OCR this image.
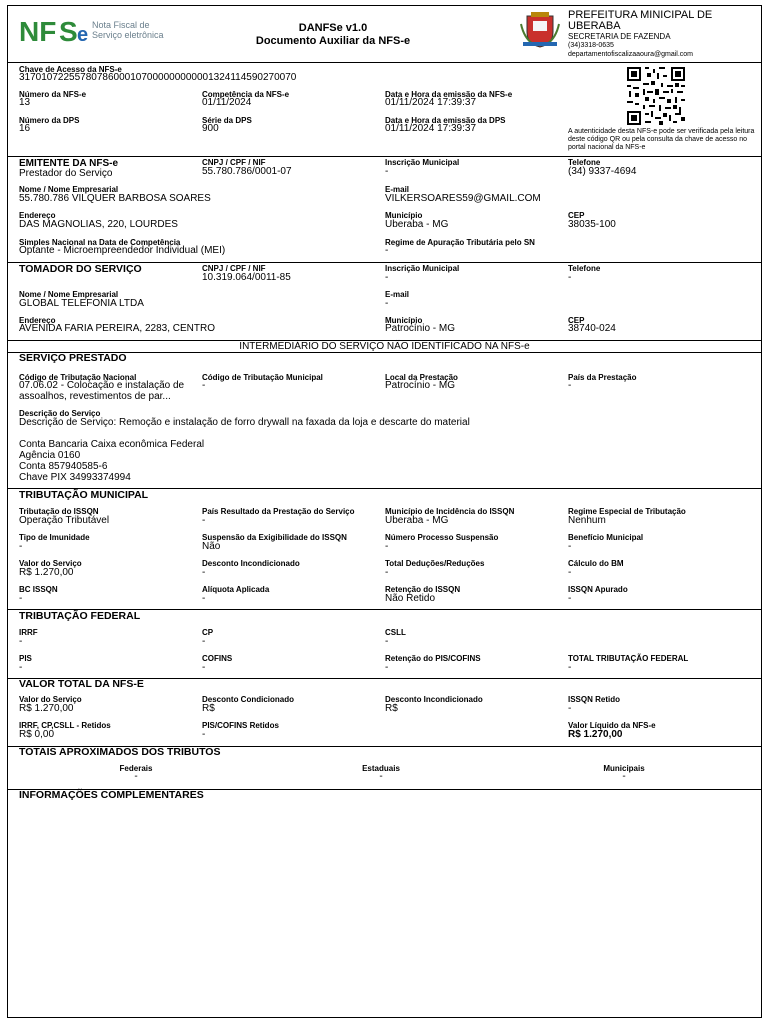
NF S e Nota Fiscal de
Serviço eletrônica
DANFSe v1.0
Documento Auxiliar da NFS-e
PREFEITURA MINICIPAL DE
UBERABA
SECRETARIA DE FAZENDA
(34)3318-0635
departamentofiscalizaaoura@gmail.com
Chave de Acesso da NFS-e
31701072255780786000107000000000001324114590270070
Número da NFS-e
13
Competência da NFS-e
01/11/2024
Data e Hora da emissão da NFS-e
01/11/2024 17:39:37
Número da DPS
16
Série da DPS
900
Data e Hora da emissão da DPS
01/11/2024 17:39:37	A autenticidade desta NFS-e pode ser verificada pela leitura deste código QR ou pela consulta da chave de acesso no portal nacional da NFS-e
EMITENTE DA NFS-e
Prestador do Serviço
CNPJ / CPF / NIF
55.780.786/0001-07
Inscrição Municipal
-
Telefone
(34) 9337-4694
Nome / Nome Empresarial
55.780.786 VILQUER BARBOSA SOARES
E-mail
VILKERSOARES59@GMAIL.COM
Endereço
DAS MAGNOLIAS, 220, LOURDES
Município
Uberaba - MG
CEP
38035-100
Simples Nacional na Data de Competência
Optante - Microempreendedor Individual (MEI)
Regime de Apuração Tributária pelo SN
-
TOMADOR DO SERVIÇO	CNPJ / CPF / NIF
10.319.064/0011-85
Inscrição Municipal
-
Telefone
-
Nome / Nome Empresarial
GLOBAL TELEFONIA LTDA
E-mail
-
Endereço
AVENIDA FARIA PEREIRA, 2283, CENTRO
Município
Patrocínio - MG
CEP
38740-024
INTERMEDIÁRIO DO SERVIÇO NÃO IDENTIFICADO NA NFS-e
SERVIÇO PRESTADO
Código de Tributação Nacional
07.06.02 - Colocação e instalação de assoalhos, revestimentos de par...
Código de Tributação Municipal
-
Local da Prestação
Patrocínio - MG
País da Prestação
-
Descrição do Serviço
Descrição de Serviço: Remoção e instalação de forro drywall na faxada da loja e descarte do material
Conta Bancaria Caixa econômica Federal
Agência 0160
Conta 857940585-6
Chave PIX 34993374994
TRIBUTAÇÃO MUNICIPAL
Tributação do ISSQN
Operação Tributável
País Resultado da Prestação do Serviço
-
Município de Incidência do ISSQN
Uberaba - MG
Regime Especial de Tributação
Nenhum
Tipo de Imunidade
-
Suspensão da Exigibilidade do ISSQN
Não
Número Processo Suspensão
-
Benefício Municipal
-
Valor do Serviço
R$ 1.270,00
Desconto Incondicionado
-
Total Deduções/Reduções
-
Cálculo do BM
-
BC ISSQN
-
Alíquota Aplicada
-
Retenção do ISSQN
Não Retido
ISSQN Apurado
-
TRIBUTAÇÃO FEDERAL
IRRF
-
CP
-
CSLL
-
PIS
-
COFINS
-
Retenção do PIS/COFINS
-
TOTAL TRIBUTAÇÃO FEDERAL
-
VALOR TOTAL DA NFS-E
Valor do Serviço
R$ 1.270,00
Desconto Condicionado
R$
Desconto Incondicionado
R$
ISSQN Retido
-
IRRF, CP,CSLL - Retidos
R$ 0,00
PIS/COFINS Retidos
-
Valor Líquido da NFS-e
R$ 1.270,00
TOTAIS APROXIMADOS DOS TRIBUTOS
Federais
-
Estaduais
-
Municipais
-
INFORMAÇÕES COMPLEMENTARES
